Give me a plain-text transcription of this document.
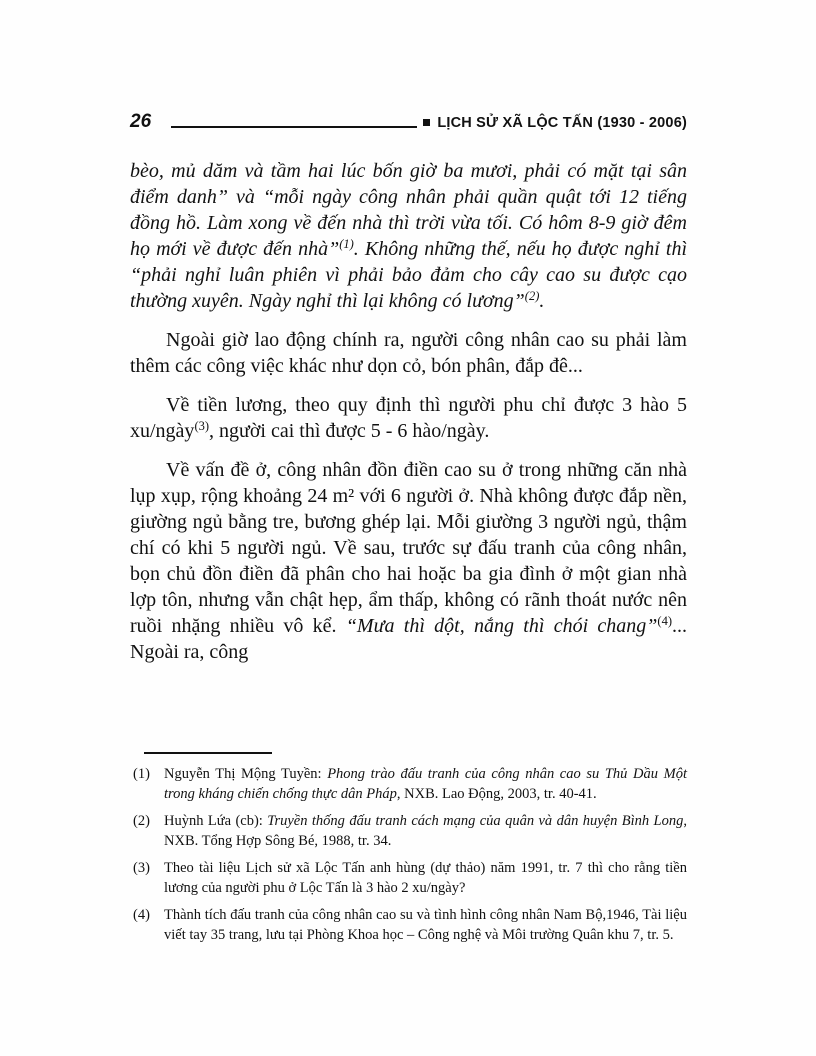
26	LỊCH SỬ XÃ LỘC TẤN (1930 - 2006)

bèo, mủ dăm và tầm hai lúc bốn giờ ba mươi, phải có mặt tại sân điểm danh” và “mỗi ngày công nhân phải quần quật tới 12 tiếng đồng hồ. Làm xong về đến nhà thì trời vừa tối. Có hôm 8-9 giờ đêm họ mới về được đến nhà”$^{(1)}$. Không những thế, nếu họ được nghỉ thì “phải nghỉ luân phiên vì phải bảo đảm cho cây cao su được cạo thường xuyên. Ngày nghỉ thì lại không có lương”$^{(2)}$.

Ngoài giờ lao động chính ra, người công nhân cao su phải làm thêm các công việc khác như dọn cỏ, bón phân, đắp đê...

Về tiền lương, theo quy định thì người phu chỉ được 3 hào 5 xu/ngày$^{(3)}$, người cai thì được 5 - 6 hào/ngày.

Về vấn đề ở, công nhân đồn điền cao su ở trong những căn nhà lụp xụp, rộng khoảng 24 m² với 6 người ở. Nhà không được đắp nền, giường ngủ bằng tre, bương ghép lại. Mỗi giường 3 người ngủ, thậm chí có khi 5 người ngủ. Về sau, trước sự đấu tranh của công nhân, bọn chủ đồn điền đã phân cho hai hoặc ba gia đình ở một gian nhà lợp tôn, nhưng vẫn chật hẹp, ẩm thấp, không có rãnh thoát nước nên ruồi nhặng nhiều vô kể. “Mưa thì dột, nắng thì chói chang”$^{(4)}$... Ngoài ra, công

(1) Nguyễn Thị Mộng Tuyền: Phong trào đấu tranh của công nhân cao su Thủ Dầu Một trong kháng chiến chống thực dân Pháp, NXB. Lao Động, 2003, tr. 40-41.
(2) Huỳnh Lứa (cb): Truyền thống đấu tranh cách mạng của quân và dân huyện Bình Long, NXB. Tổng Hợp Sông Bé, 1988, tr. 34.
(3) Theo tài liệu Lịch sử xã Lộc Tấn anh hùng (dự thảo) năm 1991, tr. 7 thì cho rằng tiền lương của người phu ở Lộc Tấn là 3 hào 2 xu/ngày?
(4) Thành tích đấu tranh của công nhân cao su và tình hình công nhân Nam Bộ,1946, Tài liệu viết tay 35 trang, lưu tại Phòng Khoa học – Công nghệ và Môi trường Quân khu 7, tr. 5.
